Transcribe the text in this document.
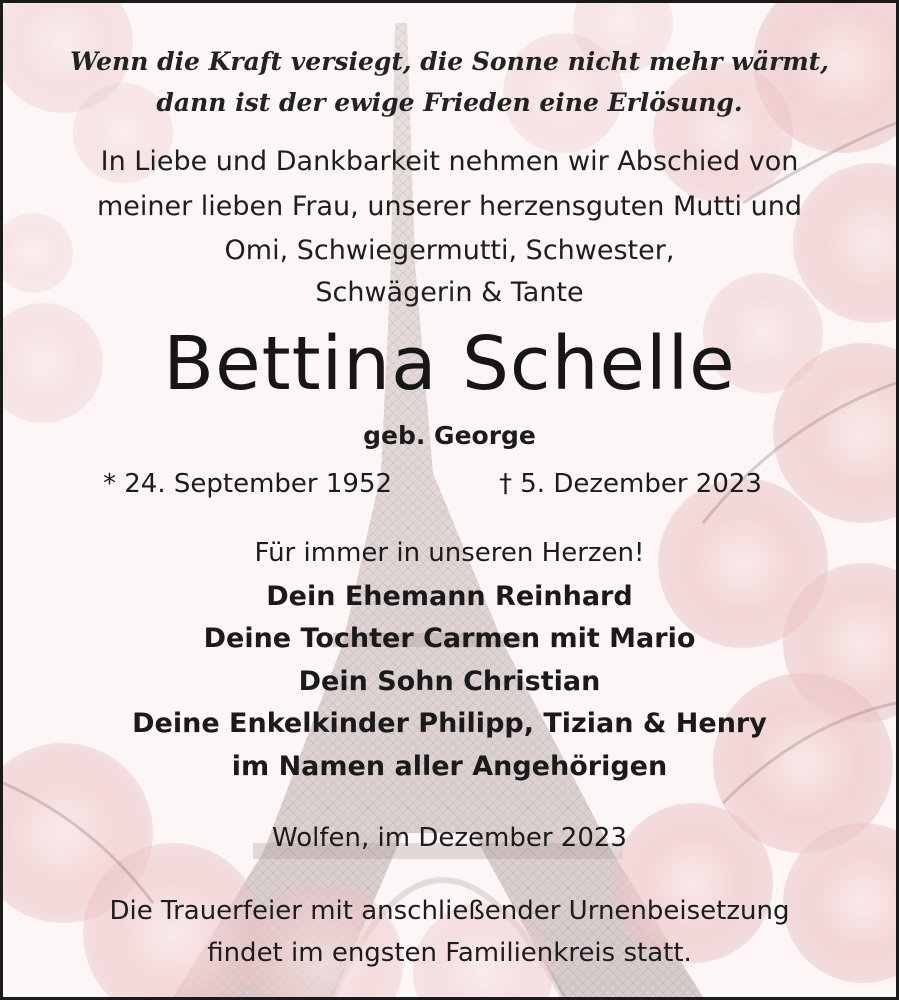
Wenn die Kraft versiegt, die Sonne nicht mehr wärmt,
dann ist der ewige Frieden eine Erlösung.
In Liebe und Dankbarkeit nehmen wir Abschied von
meiner lieben Frau, unserer herzensguten Mutti und
Omi, Schwiegermutti, Schwester,
Schwägerin & Tante
Bettina Schelle
geb. George
* 24. September 1952	† 5. Dezember 2023
Für immer in unseren Herzen!
Dein Ehemann Reinhard
Deine Tochter Carmen mit Mario
Dein Sohn Christian
Deine Enkelkinder Philipp, Tizian & Henry
im Namen aller Angehörigen
Wolfen, im Dezember 2023
Die Trauerfeier mit anschließender Urnenbeisetzung
findet im engsten Familienkreis statt.
